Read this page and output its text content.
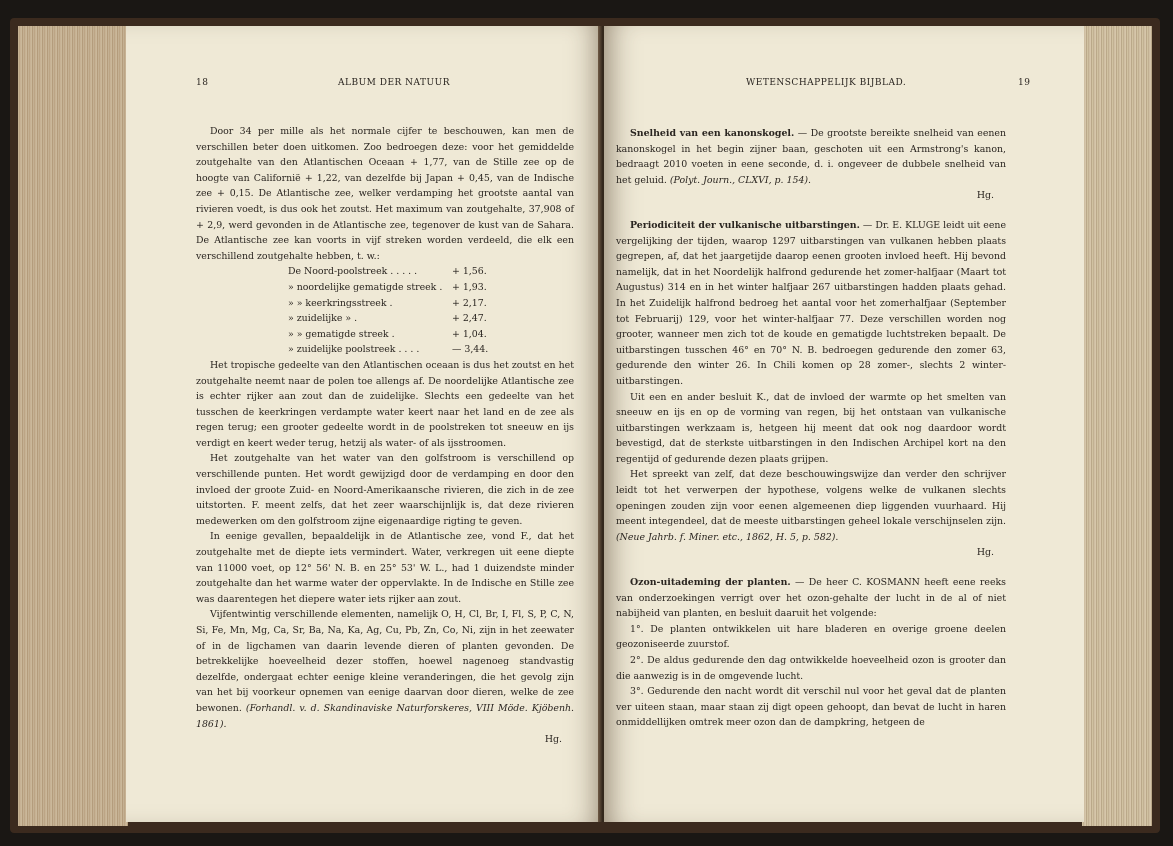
18	ALBUM DER NATUUR

Door 34 per mille als het normale cijfer te beschouwen, kan men de verschillen beter doen uitkomen. Zoo bedroegen deze: voor het gemiddelde zoutgehalte van den Atlantischen Oceaan + 1,77, van de Stille zee op de hoogte van Californië + 1,22, van dezelfde bij Japan + 0,45, van de Indische zee + 0,15. De Atlantische zee, welker verdamping het grootste aantal van rivieren voedt, is dus ook het zoutst. Het maximum van zoutgehalte, 37,908 of + 2,9, werd gevonden in de Atlantische zee, tegenover de kust van de Sahara. De Atlantische zee kan voorts in vijf streken worden verdeeld, die elk een verschillend zoutgehalte hebben, t. w.:

De Noord-poolstreek . . . . .	+ 1,56.
» noordelijke gematigde streek .	+ 1,93.
» » keerkringsstreek .	+ 2,17.
» zuidelijke » .	+ 2,47.
» » gematigde streek .	+ 1,04.
» zuidelijke poolstreek . . . .	— 3,44.

Het tropische gedeelte van den Atlantischen oceaan is dus het zoutst en het zoutgehalte neemt naar de polen toe allengs af. De noordelijke Atlantische zee is echter rijker aan zout dan de zuidelijke. Slechts een gedeelte van het tusschen de keerkringen verdampte water keert naar het land en de zee als regen terug; een grooter gedeelte wordt in de poolstreken tot sneeuw en ijs verdigt en keert weder terug, hetzij als water- of als ijsstroomen.

Het zoutgehalte van het water van den golfstroom is verschillend op verschillende punten. Het wordt gewijzigd door de verdamping en door den invloed der groote Zuid- en Noord-Amerikaansche rivieren, die zich in de zee uitstorten. F. meent zelfs, dat het zeer waarschijnlijk is, dat deze rivieren medewerken om den golfstroom zijne eigenaardige rigting te geven.

In eenige gevallen, bepaaldelijk in de Atlantische zee, vond F., dat het zoutgehalte met de diepte iets vermindert. Water, verkregen uit eene diepte van 11000 voet, op 12° 56' N. B. en 25° 53' W. L., had 1 duizendste minder zoutgehalte dan het warme water der oppervlakte. In de Indische en Stille zee was daarentegen het diepere water iets rijker aan zout.

Vijfentwintig verschillende elementen, namelijk O, H, Cl, Br, I, Fl, S, P, C, N, Si, Fe, Mn, Mg, Ca, Sr, Ba, Na, Ka, Ag, Cu, Pb, Zn, Co, Ni, zijn in het zeewater of in de ligchamen van daarin levende dieren of planten gevonden. De betrekkelijke hoeveelheid dezer stoffen, hoewel nagenoeg standvastig dezelfde, ondergaat echter eenige kleine veranderingen, die het gevolg zijn van het bij voorkeur opnemen van eenige daarvan door dieren, welke de zee bewonen. (Forhandl. v. d. Skandinaviske Naturforskeres, VIII Möde. Kjöbenh. 1861).

Hg.

WETENSCHAPPELIJK BIJBLAD.	19

Snelheid van een kanonskogel. — De grootste bereikte snelheid van eenen kanonskogel in het begin zijner baan, geschoten uit een Armstrong's kanon, bedraagt 2010 voeten in eene seconde, d. i. ongeveer de dubbele snelheid van het geluid. (Polyt. Journ., CLXVI, p. 154).

Hg.

Periodiciteit der vulkanische uitbarstingen. — Dr. E. KLUGE leidt uit eene vergelijking der tijden, waarop 1297 uitbarstingen van vulkanen hebben plaats gegrepen, af, dat het jaargetijde daarop eenen grooten invloed heeft. Hij bevond namelijk, dat in het Noordelijk halfrond gedurende het zomer-halfjaar (Maart tot Augustus) 314 en in het winter halfjaar 267 uitbarstingen hadden plaats gehad. In het Zuidelijk halfrond bedroeg het aantal voor het zomerhalfjaar (September tot Februarij) 129, voor het winter-halfjaar 77. Deze verschillen worden nog grooter, wanneer men zich tot de koude en gematigde luchtstreken bepaalt. De uitbarstingen tusschen 46° en 70° N. B. bedroegen gedurende den zomer 63, gedurende den winter 26. In Chili komen op 28 zomer-, slechts 2 winter-uitbarstingen.

Uit een en ander besluit K., dat de invloed der warmte op het smelten van sneeuw en ijs en op de vorming van regen, bij het ontstaan van vulkanische uitbarstingen werkzaam is, hetgeen hij meent dat ook nog daardoor wordt bevestigd, dat de sterkste uitbarstingen in den Indischen Archipel kort na den regentijd of gedurende dezen plaats grijpen.

Het spreekt van zelf, dat deze beschouwingswijze dan verder den schrijver leidt tot het verwerpen der hypothese, volgens welke de vulkanen slechts openingen zouden zijn voor eenen algemeenen diep liggenden vuurhaard. Hij meent integendeel, dat de meeste uitbarstingen geheel lokale verschijnselen zijn. (Neue Jahrb. f. Miner. etc., 1862, H. 5, p. 582).

Hg.

Ozon-uitademing der planten. — De heer C. KOSMANN heeft eene reeks van onderzoekingen verrigt over het ozon-gehalte der lucht in de al of niet nabijheid van planten, en besluit daaruit het volgende:

1°. De planten ontwikkelen uit hare bladeren en overige groene deelen geozoniseerde zuurstof.

2°. De aldus gedurende den dag ontwikkelde hoeveelheid ozon is grooter dan die aanwezig is in de omgevende lucht.

3°. Gedurende den nacht wordt dit verschil nul voor het geval dat de planten ver uiteen staan, maar staan zij digt opeen gehoopt, dan bevat de lucht in haren onmiddellijken omtrek meer ozon dan de dampkring, hetgeen de
